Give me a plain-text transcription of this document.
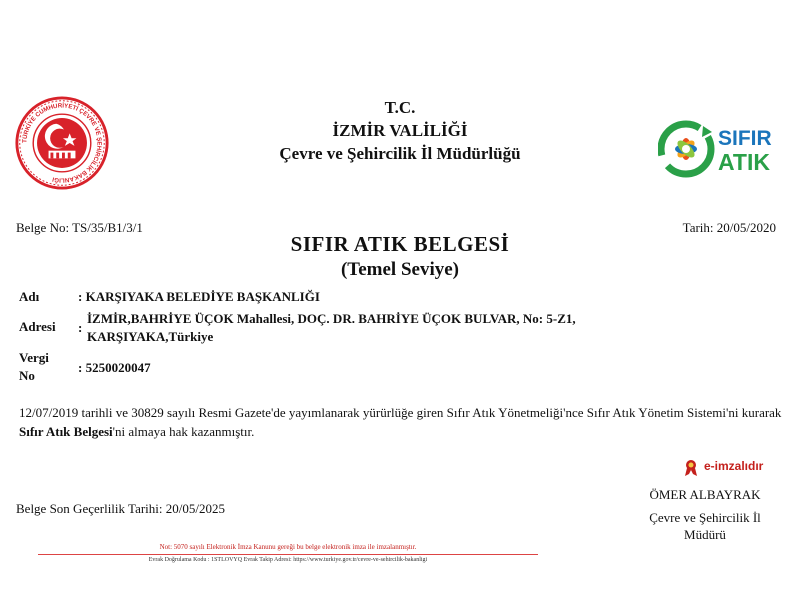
TÜRKİYE CUMHURİYETİ ÇEVRE VE ŞEHİRCİLİK BAKANLIĞI
T.C.
İZMİR VALİLİĞİ
Çevre ve Şehircilik İl Müdürlüğü
SIFIR
ATIK
Belge No: TS/35/B1/3/1	Tarih: 20/05/2020
SIFIR ATIK BELGESİ
(Temel Seviye)
Adı	: KARŞIYAKA BELEDİYE BAŞKANLIĞI
Adresi :
İZMİR,BAHRİYE ÜÇOK Mahallesi, DOÇ. DR. BAHRİYE ÜÇOK BULVAR, No: 5-Z1, KARŞIYAKA,Türkiye
Vergi
No
: 5250020047
12/07/2019 tarihli ve 30829 sayılı Resmi Gazete'de yayımlanarak yürürlüğe giren Sıfır Atık Yönetmeliği'nce Sıfır Atık Yönetim Sistemi'ni kurarak Sıfır Atık Belgesi'ni almaya hak kazanmıştır.
e-imzalıdır
ÖMER ALBAYRAK
Çevre ve Şehircilik İl
Müdürü
Belge Son Geçerlilik Tarihi: 20/05/2025
Not: 5070 sayılı Elektronik İmza Kanunu gereği bu belge elektronik imza ile imzalanmıştır.
Evrak Doğrulama Kodu : 1STLOVYQ Evrak Takip Adresi: https://www.turkiye.gov.tr/cevre-ve-sehircilik-bakanligi
